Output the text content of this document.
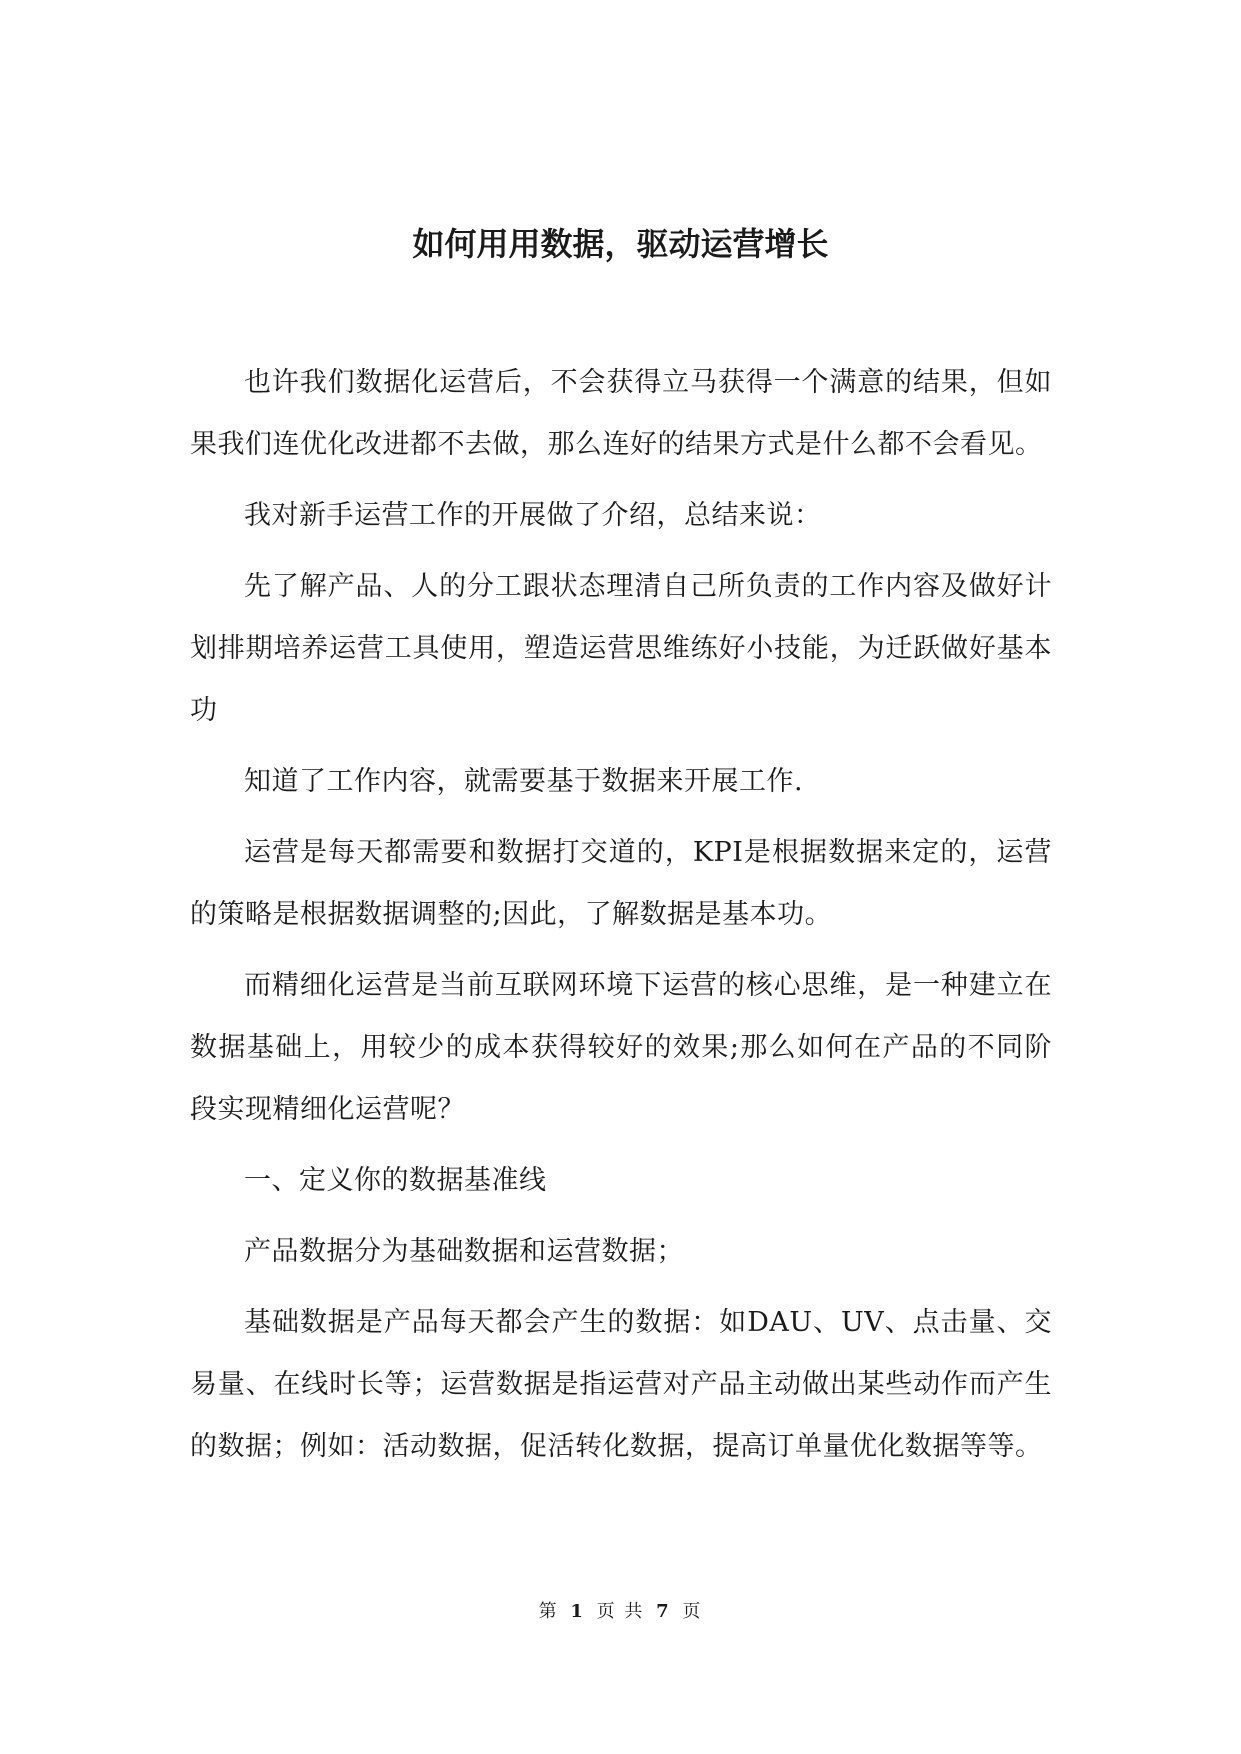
如何用用数据，驱动运营增长

也许我们数据化运营后，不会获得立马获得一个满意的结果，但如果我们连优化改进都不去做，那么连好的结果方式是什么都不会看见。

我对新手运营工作的开展做了介绍，总结来说：

先了解产品、人的分工跟状态理清自己所负责的工作内容及做好计划排期培养运营工具使用，塑造运营思维练好小技能，为迁跃做好基本功

知道了工作内容，就需要基于数据来开展工作.

运营是每天都需要和数据打交道的，KPI是根据数据来定的，运营的策略是根据数据调整的;因此，了解数据是基本功。

而精细化运营是当前互联网环境下运营的核心思维，是一种建立在数据基础上，用较少的成本获得较好的效果;那么如何在产品的不同阶段实现精细化运营呢？

一、定义你的数据基准线

产品数据分为基础数据和运营数据；

基础数据是产品每天都会产生的数据：如DAU、UV、点击量、交易量、在线时长等；运营数据是指运营对产品主动做出某些动作而产生的数据；例如：活动数据，促活转化数据，提高订单量优化数据等等。

第 1 页 共 7 页
